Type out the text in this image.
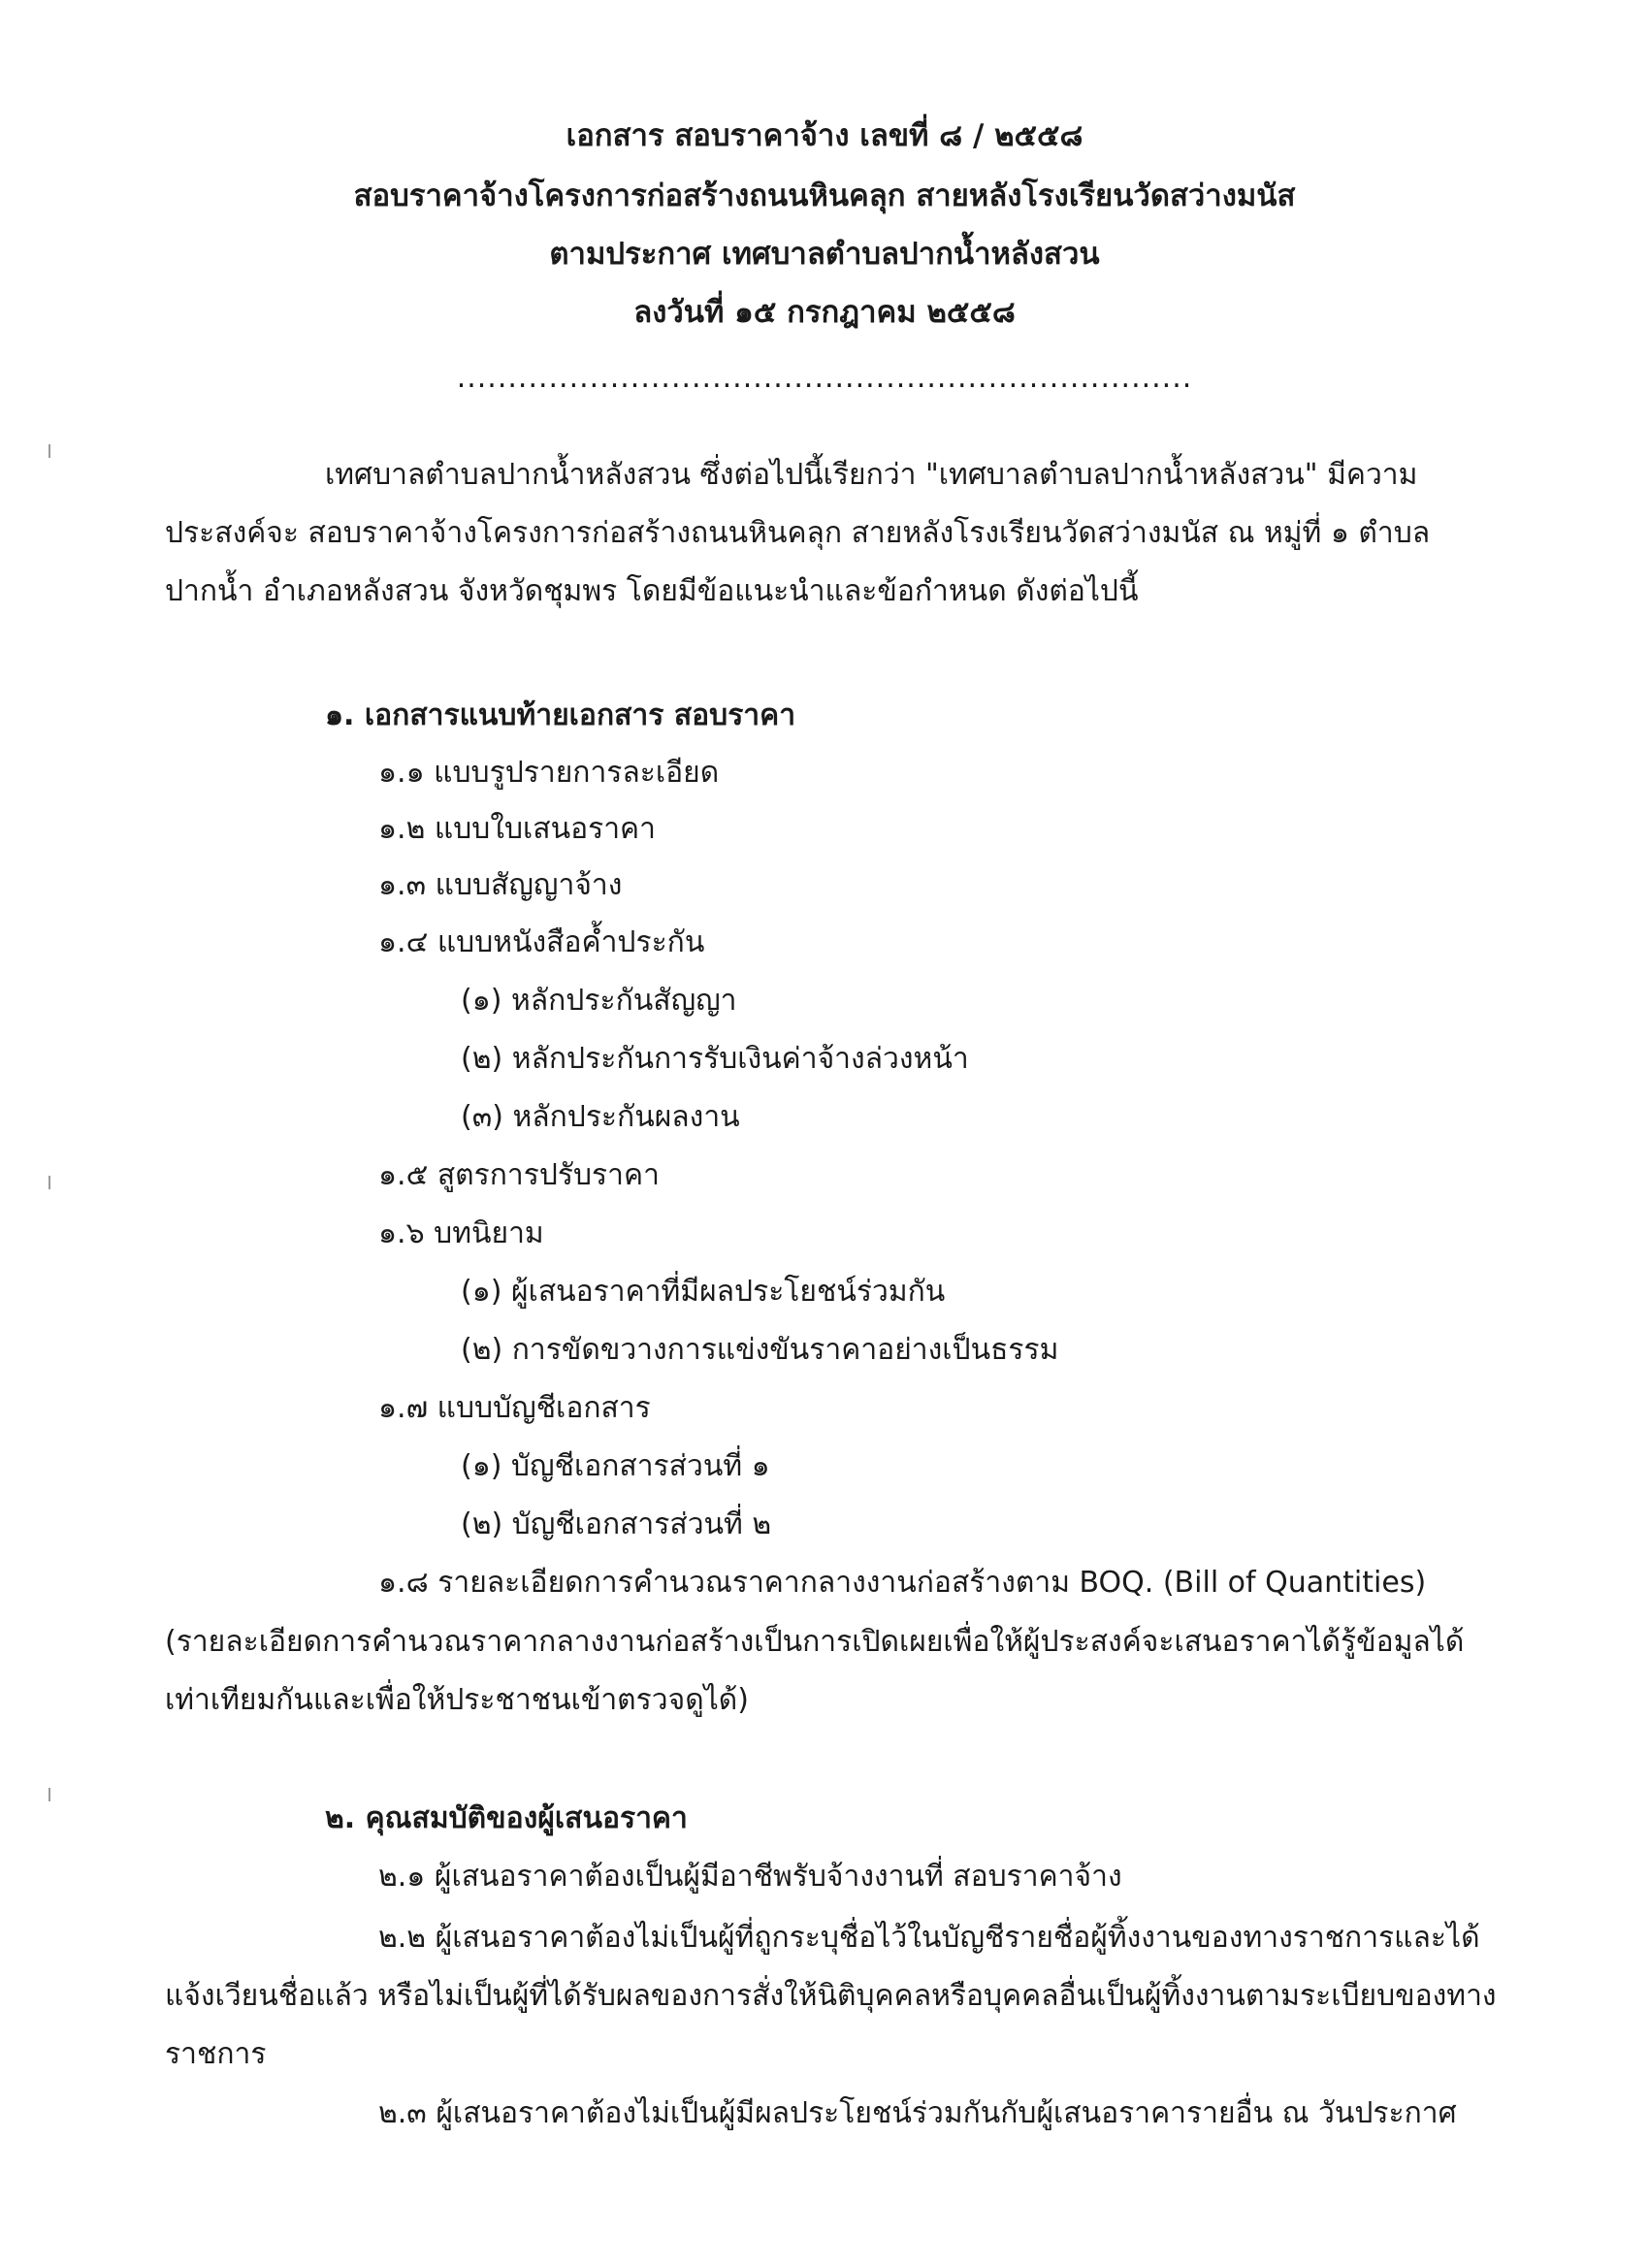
เอกสาร สอบราคาจ้าง เลขที่ ๘ / ๒๕๕๘
สอบราคาจ้างโครงการก่อสร้างถนนหินคลุก สายหลังโรงเรียนวัดสว่างมนัส
ตามประกาศ เทศบาลตำบลปากน้ำหลังสวน
ลงวันที่ ๑๕ กรกฎาคม ๒๕๕๘
........................................................................
เทศบาลตำบลปากน้ำหลังสวน ซึ่งต่อไปนี้เรียกว่า "เทศบาลตำบลปากน้ำหลังสวน" มีความ
ประสงค์จะ สอบราคาจ้างโครงการก่อสร้างถนนหินคลุก สายหลังโรงเรียนวัดสว่างมนัส ณ หมู่ที่ ๑ ตำบล
ปากน้ำ อำเภอหลังสวน จังหวัดชุมพร โดยมีข้อแนะนำและข้อกำหนด ดังต่อไปนี้
๑. เอกสารแนบท้ายเอกสาร สอบราคา
๑.๑ แบบรูปรายการละเอียด
๑.๒ แบบใบเสนอราคา
๑.๓ แบบสัญญาจ้าง
๑.๔ แบบหนังสือค้ำประกัน
(๑) หลักประกันสัญญา
(๒) หลักประกันการรับเงินค่าจ้างล่วงหน้า
(๓) หลักประกันผลงาน
๑.๕ สูตรการปรับราคา
๑.๖ บทนิยาม
(๑) ผู้เสนอราคาที่มีผลประโยชน์ร่วมกัน
(๒) การขัดขวางการแข่งขันราคาอย่างเป็นธรรม
๑.๗ แบบบัญชีเอกสาร
(๑) บัญชีเอกสารส่วนที่ ๑
(๒) บัญชีเอกสารส่วนที่ ๒
๑.๘ รายละเอียดการคำนวณราคากลางงานก่อสร้างตาม BOQ. (Bill of Quantities)
(รายละเอียดการคำนวณราคากลางงานก่อสร้างเป็นการเปิดเผยเพื่อให้ผู้ประสงค์จะเสนอราคาได้รู้ข้อมูลได้
เท่าเทียมกันและเพื่อให้ประชาชนเข้าตรวจดูได้)
๒. คุณสมบัติของผู้เสนอราคา
๒.๑ ผู้เสนอราคาต้องเป็นผู้มีอาชีพรับจ้างงานที่ สอบราคาจ้าง
๒.๒ ผู้เสนอราคาต้องไม่เป็นผู้ที่ถูกระบุชื่อไว้ในบัญชีรายชื่อผู้ทิ้งงานของทางราชการและได้
แจ้งเวียนชื่อแล้ว หรือไม่เป็นผู้ที่ได้รับผลของการสั่งให้นิติบุคคลหรือบุคคลอื่นเป็นผู้ทิ้งงานตามระเบียบของทาง
ราชการ
๒.๓ ผู้เสนอราคาต้องไม่เป็นผู้มีผลประโยชน์ร่วมกันกับผู้เสนอราคารายอื่น ณ วันประกาศ
